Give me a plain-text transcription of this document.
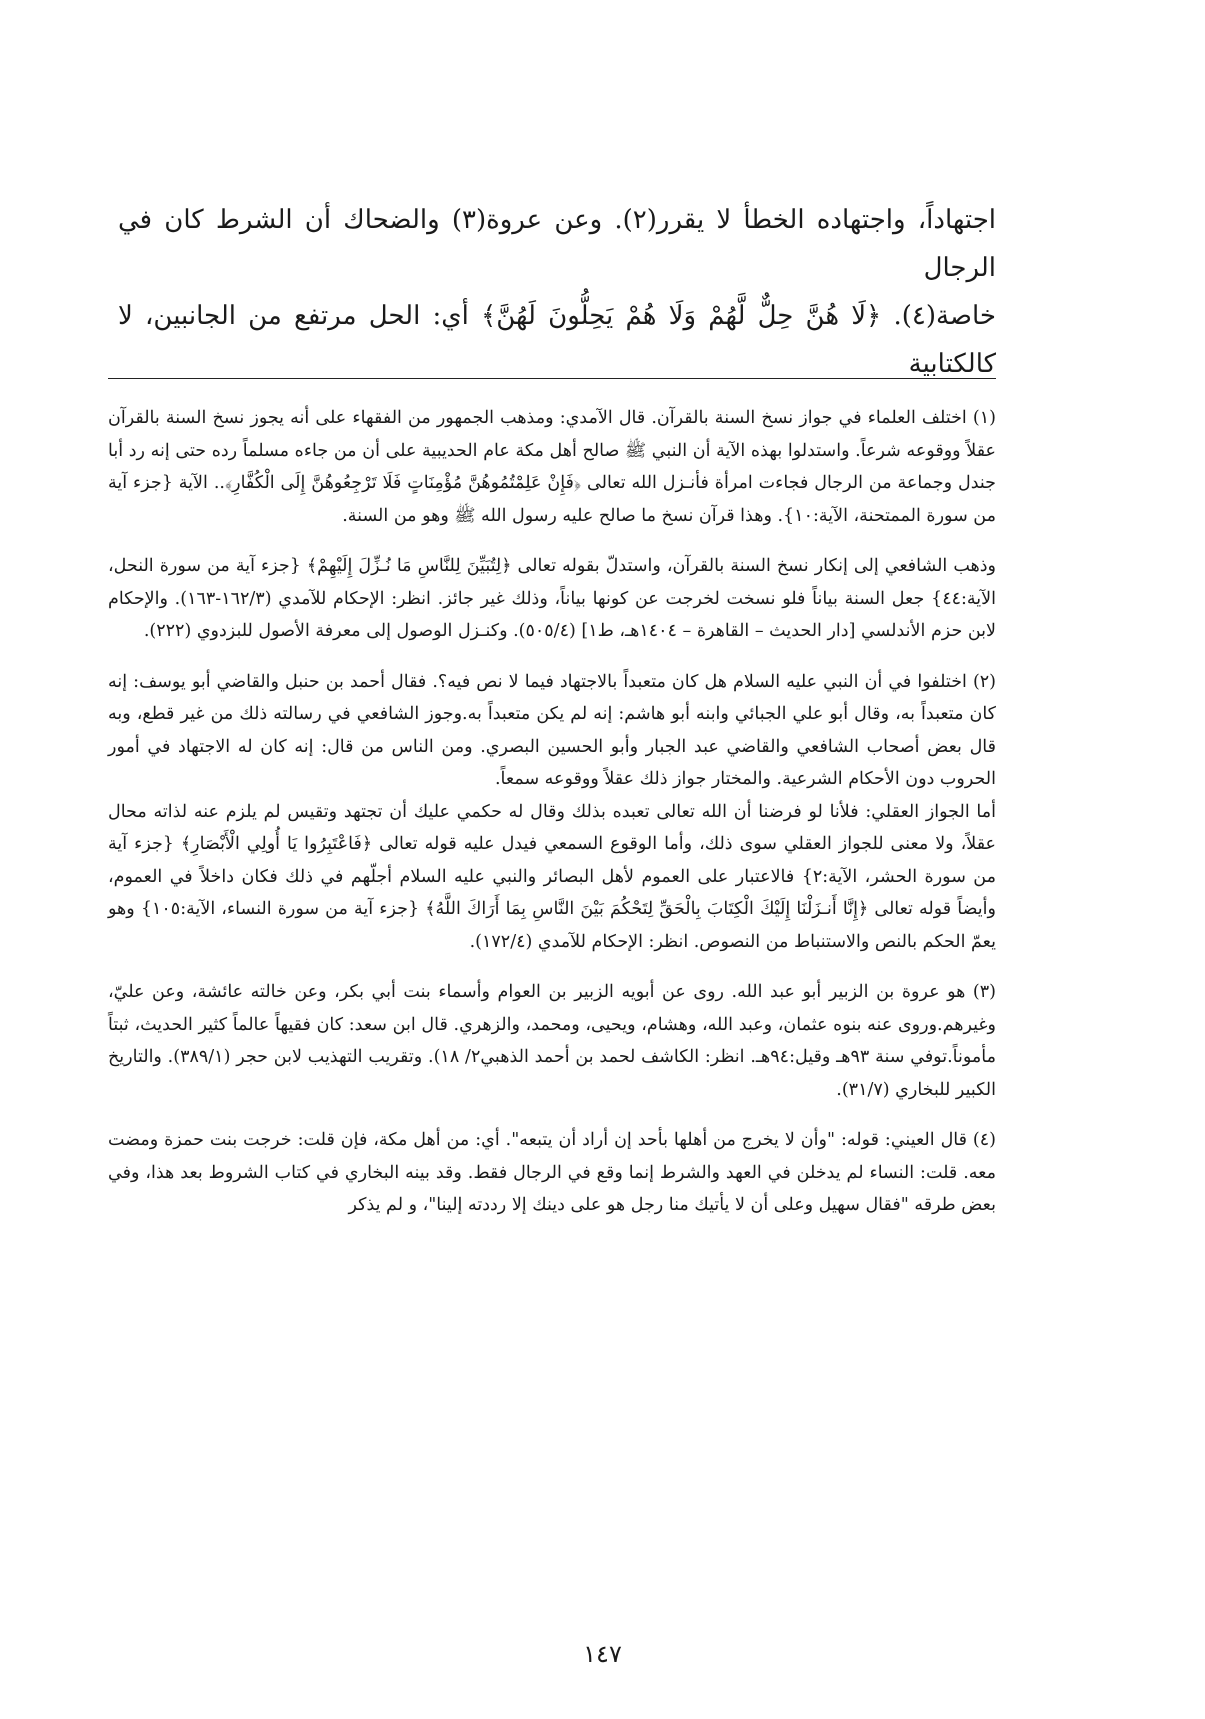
اجتهاداً، واجتهاده الخطأ لا يقرر(٢). وعن عروة(٣) والضحاك أن الشرط كان في الرجال

خاصة(٤). ﴿لَا هُنَّ حِلٌّ لَّهُمْ وَلَا هُمْ يَحِلُّونَ لَهُنَّ﴾ أي: الحل مرتفع من الجانبين، لا كالكتابية

(١) اختلف العلماء في جواز نسخ السنة بالقرآن. قال الآمدي: ومذهب الجمهور من الفقهاء على أنه يجوز نسخ السنة بالقرآن عقلاً ووقوعه شرعاً. واستدلوا بهذه الآية أن النبي ﷺ صالح أهل مكة عام الحديبية على أن من جاءه مسلماً رده حتى إنه رد أبا جندل وجماعة من الرجال فجاءت امرأة فأنـزل الله تعالى ﴿فَإِنْ عَلِمْتُمُوهُنَّ مُؤْمِنَاتٍ فَلَا تَرْجِعُوهُنَّ إِلَى الْكُفَّارِ﴾.. الآية {جزء آية من سورة الممتحنة، الآية:١٠}. وهذا قرآن نسخ ما صالح عليه رسول الله ﷺ وهو من السنة.

وذهب الشافعي إلى إنكار نسخ السنة بالقرآن، واستدلّ بقوله تعالى ﴿لِتُبَيِّنَ لِلنَّاسِ مَا نُـزِّلَ إِلَيْهِمْ﴾ {جزء آية من سورة النحل، الآية:٤٤} جعل السنة بياناً فلو نسخت لخرجت عن كونها بياناً، وذلك غير جائز. انظر: الإحكام للآمدي (١٦٢/٣-١٦٣). والإحكام لابن حزم الأندلسي [دار الحديث – القاهرة – ١٤٠٤هـ، ط١] (٥٠٥/٤). وكنـزل الوصول إلى معرفة الأصول للبزدوي (٢٢٢).

(٢) اختلفوا في أن النبي عليه السلام هل كان متعبداً بالاجتهاد فيما لا نص فيه؟. فقال أحمد بن حنبل والقاضي أبو يوسف: إنه كان متعبداً به، وقال أبو علي الجبائي وابنه أبو هاشم: إنه لم يكن متعبداً به.وجوز الشافعي في رسالته ذلك من غير قطع، وبه قال بعض أصحاب الشافعي والقاضي عبد الجبار وأبو الحسين البصري. ومن الناس من قال: إنه كان له الاجتهاد في أمور الحروب دون الأحكام الشرعية. والمختار جواز ذلك عقلاً ووقوعه سمعاً.

أما الجواز العقلي: فلأنا لو فرضنا أن الله تعالى تعبده بذلك وقال له حكمي عليك أن تجتهد وتقيس لم يلزم عنه لذاته محال عقلاً، ولا معنى للجواز العقلي سوى ذلك، وأما الوقوع السمعي فيدل عليه قوله تعالى ﴿فَاعْتَبِرُوا يَا أُولِي الْأَبْصَارِ﴾ {جزء آية من سورة الحشر، الآية:٢} فالاعتبار على العموم لأهل البصائر والنبي عليه السلام أجلّهم في ذلك فكان داخلاً في العموم، وأيضاً قوله تعالى ﴿إِنَّا أَنـزَلْنَا إِلَيْكَ الْكِتَابَ بِالْحَقِّ لِتَحْكُمَ بَيْنَ النَّاسِ بِمَا أَرَاكَ اللَّهُ﴾ {جزء آية من سورة النساء، الآية:١٠٥} وهو يعمّ الحكم بالنص والاستنباط من النصوص. انظر: الإحكام للآمدي (١٧٢/٤).

(٣) هو عروة بن الزبير أبو عبد الله. روى عن أبويه الزبير بن العوام وأسماء بنت أبي بكر، وعن خالته عائشة، وعن عليّ، وغيرهم.وروى عنه بنوه عثمان، وعبد الله، وهشام، ويحيى، ومحمد، والزهري. قال ابن سعد: كان فقيهاً عالماً كثير الحديث، ثبتاً مأموناً.توفي سنة ٩٣هـ وقيل:٩٤هـ. انظر: الكاشف لحمد بن أحمد الذهبي٢/ ١٨). وتقريب التهذيب لابن حجر (٣٨٩/١). والتاريخ الكبير للبخاري (٣١/٧).

(٤) قال العيني: قوله: "وأن لا يخرج من أهلها بأحد إن أراد أن يتبعه". أي: من أهل مكة، فإن قلت: خرجت بنت حمزة ومضت معه. قلت: النساء لم يدخلن في العهد والشرط إنما وقع في الرجال فقط. وقد بينه البخاري في كتاب الشروط بعد هذا، وفي بعض طرقه "فقال سهيل وعلى أن لا يأتيك منا رجل هو على دينك إلا رددته إلينا"، و لم يذكر

١٤٧
